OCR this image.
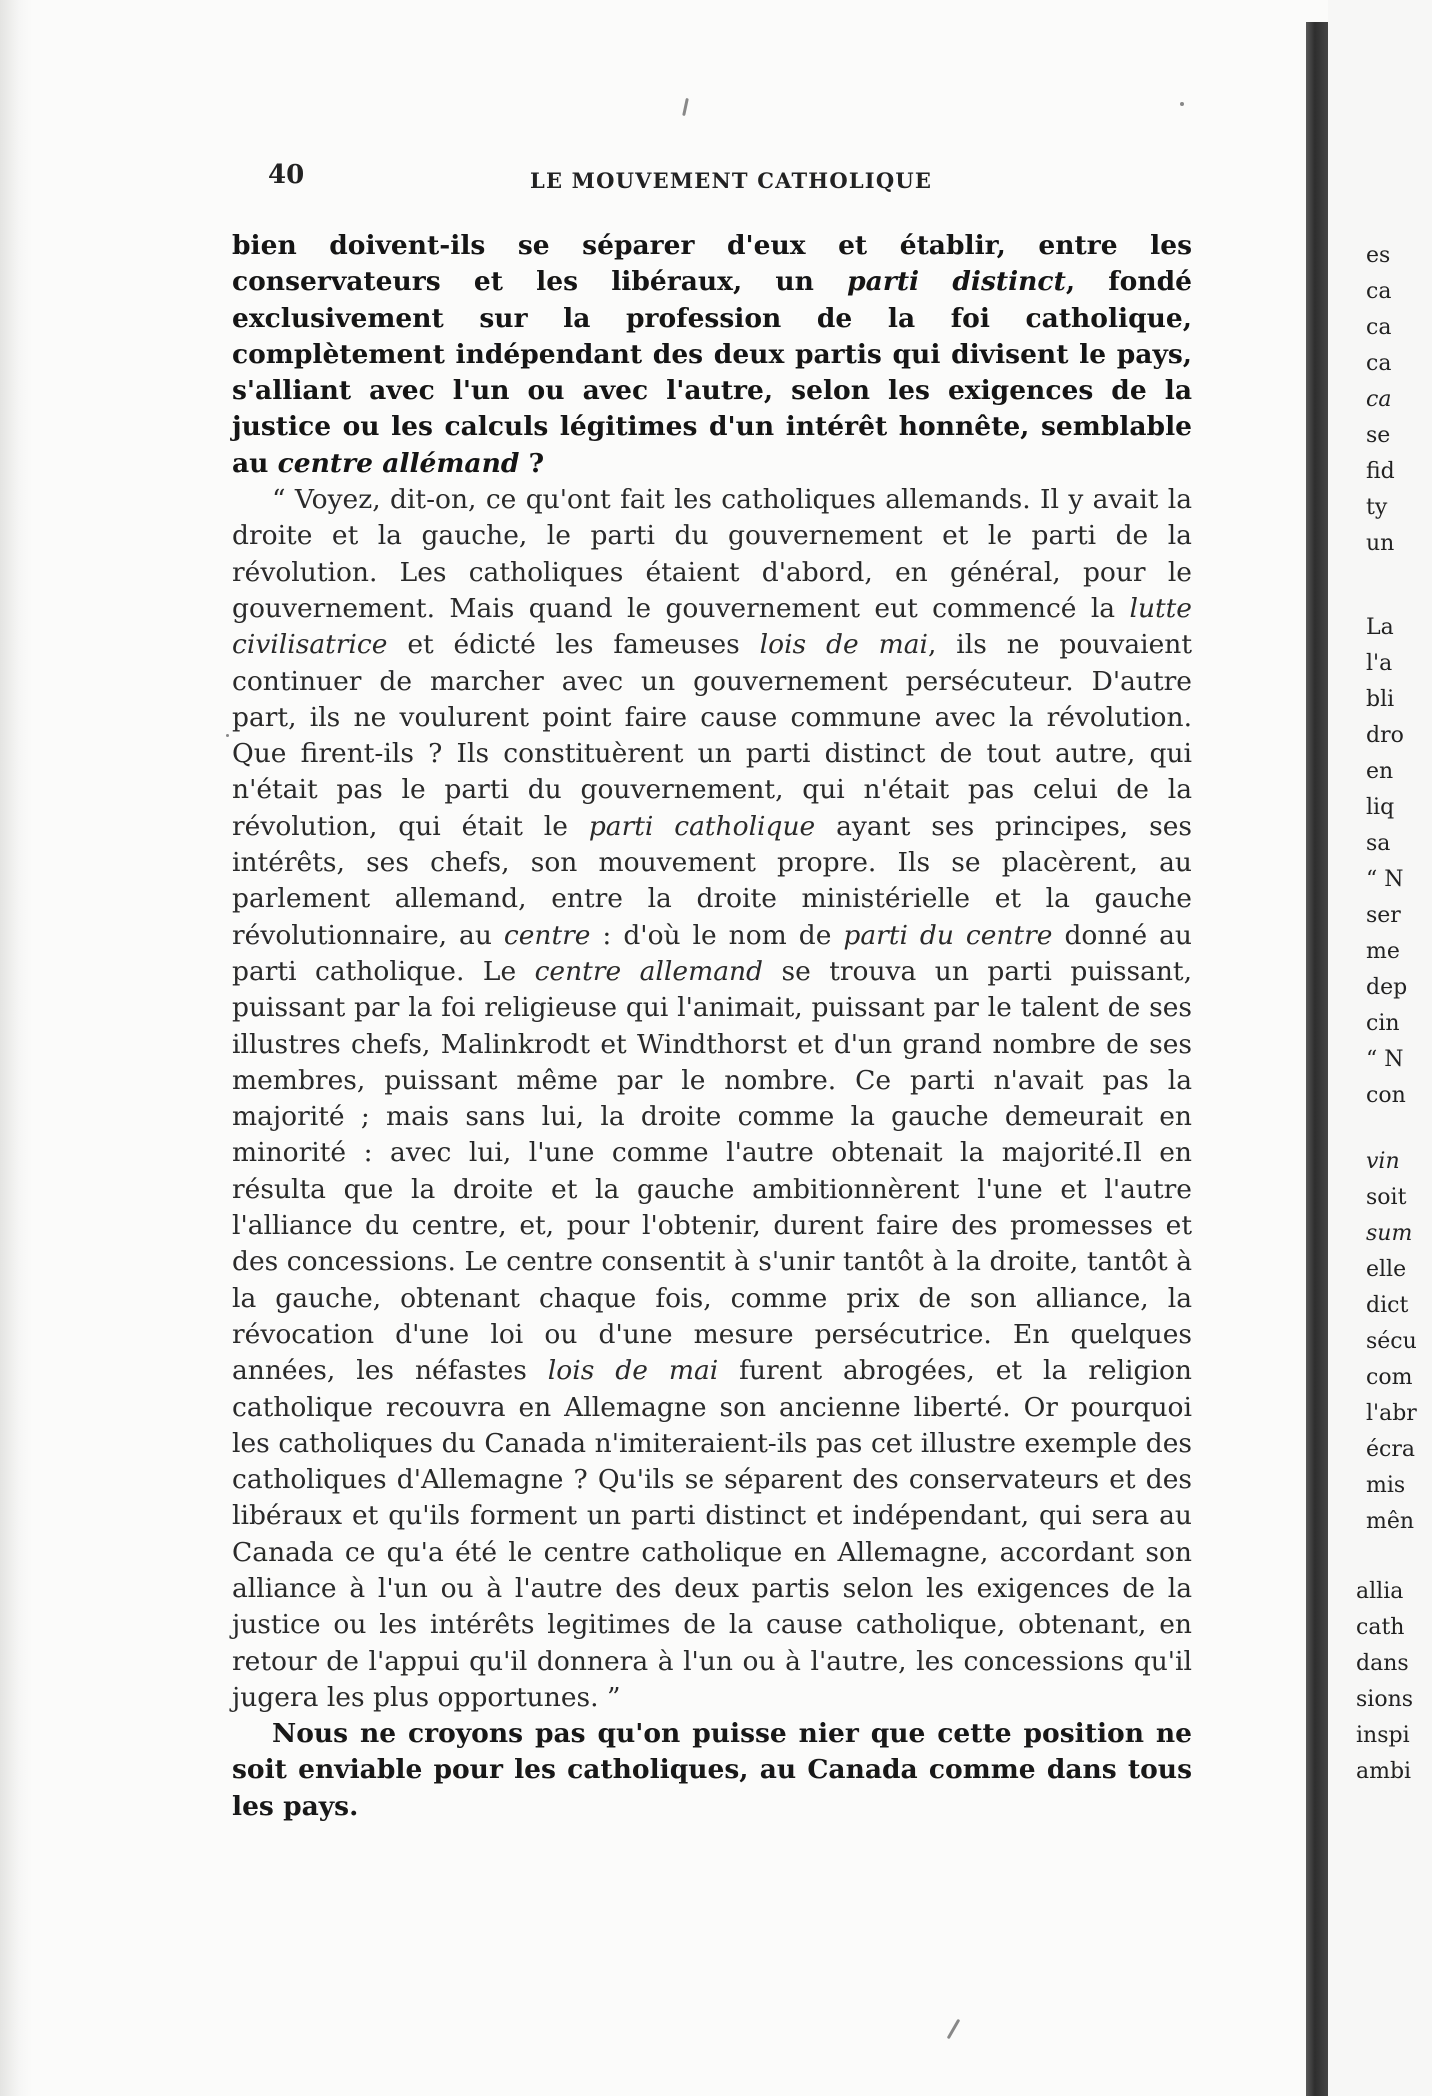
40	LE MOUVEMENT CATHOLIQUE

bien doivent-ils se séparer d'eux et établir, entre les conservateurs et les libéraux, un parti distinct, fondé exclusivement sur la profession de la foi catholique, complètement indépendant des deux partis qui divisent le pays, s'alliant avec l'un ou avec l'autre, selon les exigences de la justice ou les calculs légitimes d'un intérêt honnête, semblable au centre allémand ?

“ Voyez, dit-on, ce qu'ont fait les catholiques allemands. Il y avait la droite et la gauche, le parti du gouvernement et le parti de la révolution. Les catholiques étaient d'abord, en général, pour le gouvernement. Mais quand le gouvernement eut commencé la lutte civilisatrice et édicté les fameuses lois de mai, ils ne pouvaient continuer de marcher avec un gouvernement persécuteur. D'autre part, ils ne voulurent point faire cause commune avec la révolution. Que firent-ils ? Ils constituèrent un parti distinct de tout autre, qui n'était pas le parti du gouvernement, qui n'était pas celui de la révolution, qui était le parti catholique ayant ses principes, ses intérêts, ses chefs, son mouvement propre. Ils se placèrent, au parlement allemand, entre la droite ministérielle et la gauche révolutionnaire, au centre : d'où le nom de parti du centre donné au parti catholique. Le centre allemand se trouva un parti puissant, puissant par la foi religieuse qui l'animait, puissant par le talent de ses illustres chefs, Malinkrodt et Windthorst et d'un grand nombre de ses membres, puissant même par le nombre. Ce parti n'avait pas la majorité ; mais sans lui, la droite comme la gauche demeurait en minorité : avec lui, l'une comme l'autre obtenait la majorité.Il en résulta que la droite et la gauche ambitionnèrent l'une et l'autre l'alliance du centre, et, pour l'obtenir, durent faire des promesses et des concessions. Le centre consentit à s'unir tantôt à la droite, tantôt à la gauche, obtenant chaque fois, comme prix de son alliance, la révocation d'une loi ou d'une mesure persécutrice. En quelques années, les néfastes lois de mai furent abrogées, et la religion catholique recouvra en Allemagne son ancienne liberté. Or pourquoi les catholiques du Canada n'imiteraient-ils pas cet illustre exemple des catholiques d'Allemagne ? Qu'ils se séparent des conservateurs et des libéraux et qu'ils forment un parti distinct et indépendant, qui sera au Canada ce qu'a été le centre catholique en Allemagne, accordant son alliance à l'un ou à l'autre des deux partis selon les exigences de la justice ou les intérêts legitimes de la cause catholique, obtenant, en retour de l'appui qu'il donnera à l'un ou à l'autre, les concessions qu'il jugera les plus opportunes. ”

Nous ne croyons pas qu'on puisse nier que cette position ne soit enviable pour les catholiques, au Canada comme dans tous les pays.

es
ca
ca
ca
ca
se
fid
ty
un
La
l'a
bli
dro
en
liq
sa
“ N
ser
me
dep
cin
“ N
con
vin
soit
sum
elle
dict
sécu
com
l'abr
écra
mis
mên
allia
cath
dans
sions
inspi
ambi
